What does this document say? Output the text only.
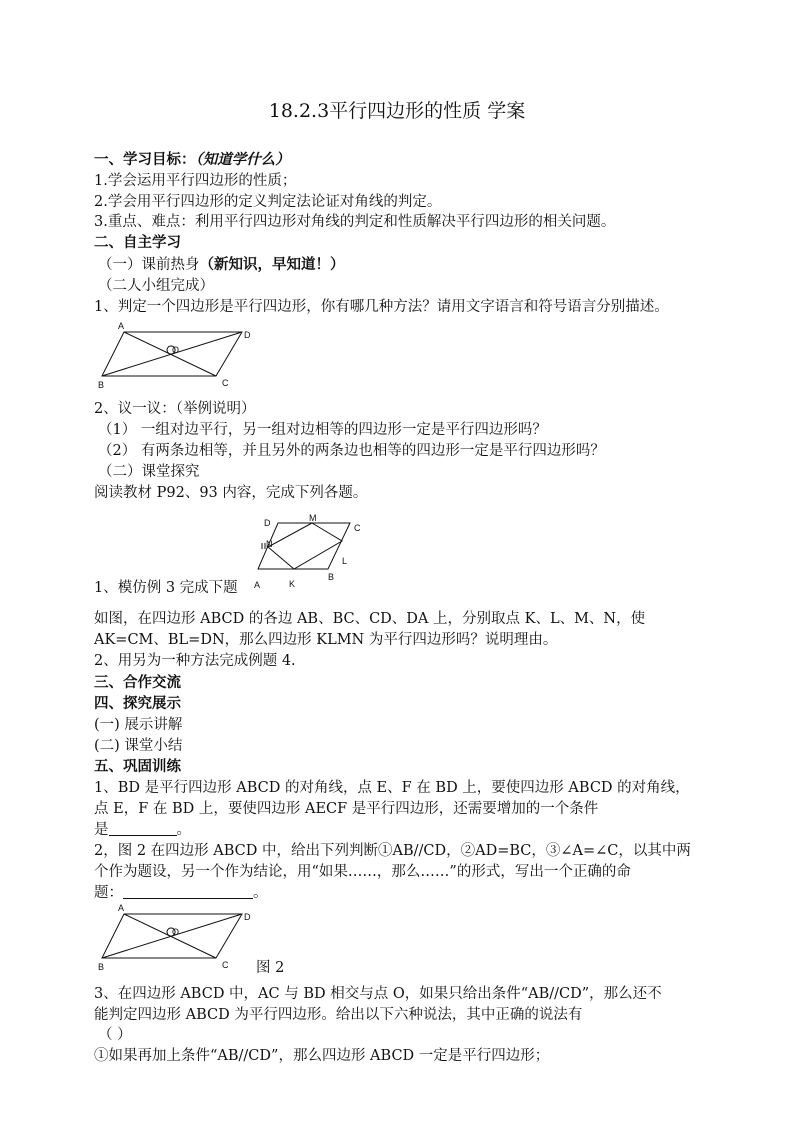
18.2.3平行四边形的性质 学案
一、学习目标：（知道学什么）
1.学会运用平行四边形的性质；
2.学会用平行四边形的定义判定法论证对角线的判定。
3.重点、难点：利用平行四边形对角线的判定和性质解决平行四边形的相关问题。
二、自主学习
（一）课前热身（新知识，早知道！）
（二人小组完成）
1、判定一个四边形是平行四边形，你有哪几种方法？请用文字语言和符号语言分别描述。
A
D
B	C
O
2、议一议：（举例说明）
（1） 一组对边平行，另一组对边相等的四边形一定是平行四边形吗？
（2） 有两条边相等，并且另外的两条边也相等的四边形一定是平行四边形吗？
（二）课堂探究
阅读教材 P92、93 内容，完成下列各题。
D	M
C
N
L
A	K
B
1、模仿例 3 完成下题
如图，在四边形 ABCD 的各边 AB、BC、CD、DA 上，分别取点 K、L、M、N，使
AK=CM、BL=DN，那么四边形 KLMN 为平行四边形吗？说明理由。
2、用另为一种方法完成例题 4.
三、合作交流
四、探究展示
(一) 展示讲解
(二) 课堂小结
五、巩固训练
1、BD 是平行四边形 ABCD 的对角线，点 E、F 在 BD 上，要使四边形 ABCD 的对角线，
点 E，F 在 BD 上，要使四边形 AECF 是平行四边形，还需要增加的一个条件
是	。
2，图 2 在四边形 ABCD 中，给出下列判断①AB//CD，②AD=BC，③∠A=∠C，以其中两
个作为题设，另一个作为结论，用“如果……，那么……”的形式，写出一个正确的命
题：	。
A
D
B	C
O
图 2
3、在四边形 ABCD 中，AC 与 BD 相交与点 O，如果只给出条件“AB//CD”，那么还不
能判定四边形 ABCD 为平行四边形。给出以下六种说法，其中正确的说法有
（ ）
①如果再加上条件“AB//CD”，那么四边形 ABCD 一定是平行四边形；
